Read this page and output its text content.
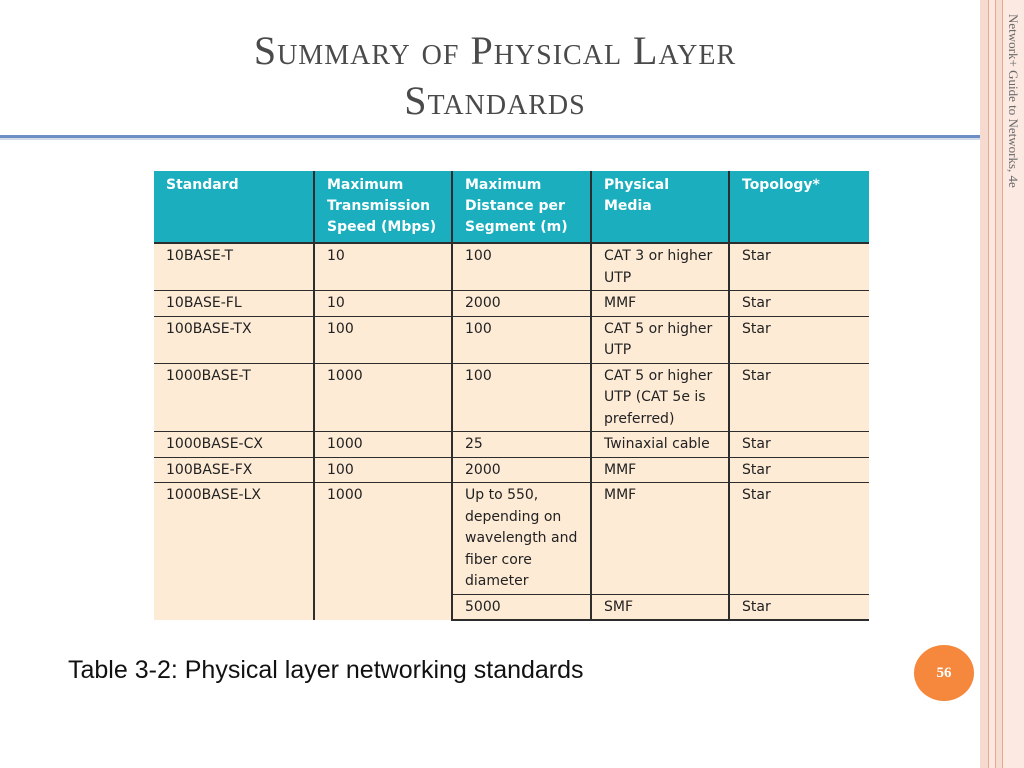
Network+ Guide to Networks, 4e
Summary of Physical Layer
Standards
Standard	Maximum Transmission Speed (Mbps)	Maximum Distance per Segment (m)	Physical Media	Topology*
10BASE-T	10	100	CAT 3 or higher UTP	Star
10BASE-FL	10	2000	MMF	Star
100BASE-TX	100	100	CAT 5 or higher UTP	Star
1000BASE-T	1000	100	CAT 5 or higher UTP (CAT 5e is preferred)	Star
1000BASE-CX	1000	25	Twinaxial cable	Star
100BASE-FX	100	2000	MMF	Star
1000BASE-LX	1000	Up to 550, depending on wavelength and fiber core diameter	MMF	Star
		5000	SMF	Star
Table 3-2: Physical layer networking standards	56
